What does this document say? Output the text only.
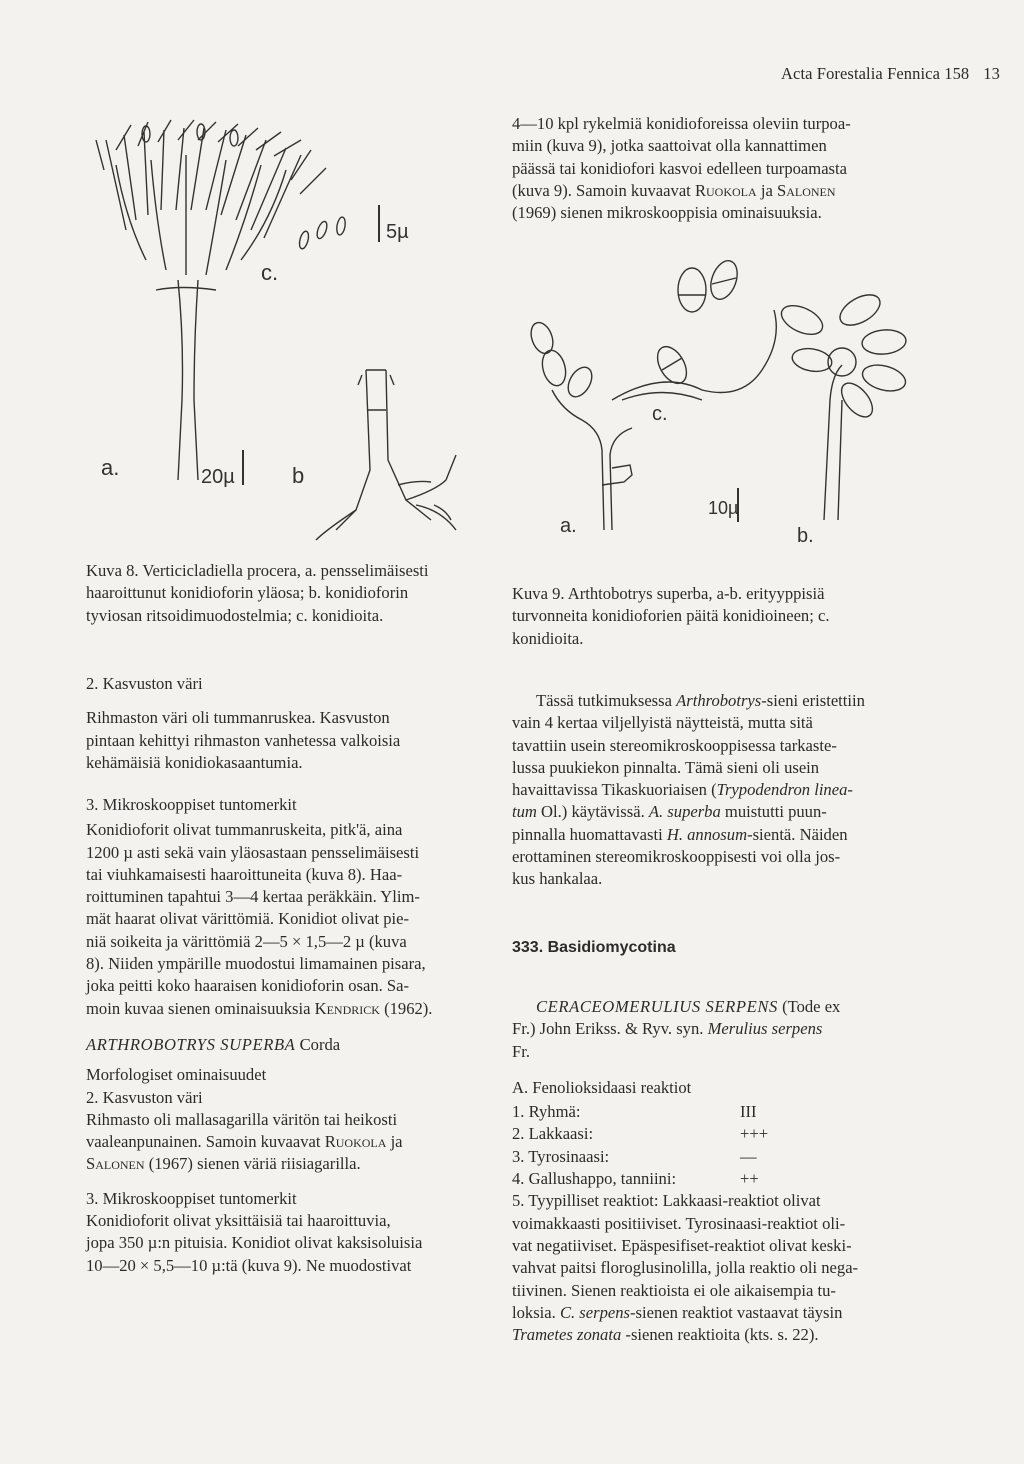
Acta Forestalia Fennica 158 13
a.	20µ	b
c.
5µ
Kuva 8. Verticicladiella procera, a. pensselimäisesti
haaroittunut konidioforin yläosa; b. konidioforin
tyviosan ritsoidimuodostelmia; c. konidioita.
2. Kasvuston väri
Rihmaston väri oli tummanruskea. Kasvuston
pintaan kehittyi rihmaston vanhetessa valkoisia
kehämäisiä konidiokasaantumia.
3. Mikroskooppiset tuntomerkit
Konidioforit olivat tummanruskeita, pitk'ä, aina
1200 µ asti sekä vain yläosastaan pensselimäisesti
tai viuhkamaisesti haaroittuneita (kuva 8). Haa-
roittuminen tapahtui 3—4 kertaa peräkkäin. Ylim-
mät haarat olivat värittömiä. Konidiot olivat pie-
niä soikeita ja värittömiä 2—5 × 1,5—2 µ (kuva
8). Niiden ympärille muodostui limamainen pisara,
joka peitti koko haaraisen konidioforin osan. Sa-
moin kuvaa sienen ominaisuuksia Kendrick (1962).
ARTHROBOTRYS SUPERBA Corda
Morfologiset ominaisuudet
2. Kasvuston väri
Rihmasto oli mallasagarilla väritön tai heikosti
vaaleanpunainen. Samoin kuvaavat Ruokola ja
Salonen (1967) sienen väriä riisiagarilla.
3. Mikroskooppiset tuntomerkit
Konidioforit olivat yksittäisiä tai haaroittuvia,
jopa 350 µ:n pituisia. Konidiot olivat kaksisoluisia
10—20 × 5,5—10 µ:tä (kuva 9). Ne muodostivat
4—10 kpl rykelmiä konidioforeissa oleviin turpoa-
miin (kuva 9), jotka saattoivat olla kannattimen
päässä tai konidiofori kasvoi edelleen turpoamasta
(kuva 9). Samoin kuvaavat Ruokola ja Salonen
(1969) sienen mikroskooppisia ominaisuuksia.
a.	b.
c.
10µ
Kuva 9. Arthtobotrys superba, a-b. erityyppisiä
turvonneita konidioforien päitä konidioineen; c.
konidioita.
Tässä tutkimuksessa Arthrobotrys-sieni eristettiin
vain 4 kertaa viljellyistä näytteistä, mutta sitä
tavattiin usein stereomikroskooppisessa tarkaste-
lussa puukiekon pinnalta. Tämä sieni oli usein
havaittavissa Tikaskuoriaisen (Trypodendron linea-
tum Ol.) käytävissä. A. superba muistutti puun-
pinnalla huomattavasti H. annosum-sientä. Näiden
erottaminen stereomikroskooppisesti voi olla jos-
kus hankalaa.
333. Basidiomycotina
CERACEOMERULIUS SERPENS (Tode ex
Fr.) John Erikss. & Ryv. syn. Merulius serpens
Fr.
A. Fenolioksidaasi reaktiot
1. Ryhmä:	III
2. Lakkaasi:	+++
3. Tyrosinaasi:	—
4. Gallushappo, tanniini:	++
5. Tyypilliset reaktiot: Lakkaasi-reaktiot olivat
voimakkaasti positiiviset. Tyrosinaasi-reaktiot oli-
vat negatiiviset. Epäspesifiset-reaktiot olivat keski-
vahvat paitsi floroglusinolilla, jolla reaktio oli nega-
tiivinen. Sienen reaktioista ei ole aikaisempia tu-
loksia. C. serpens-sienen reaktiot vastaavat täysin
Trametes zonata -sienen reaktioita (kts. s. 22).
